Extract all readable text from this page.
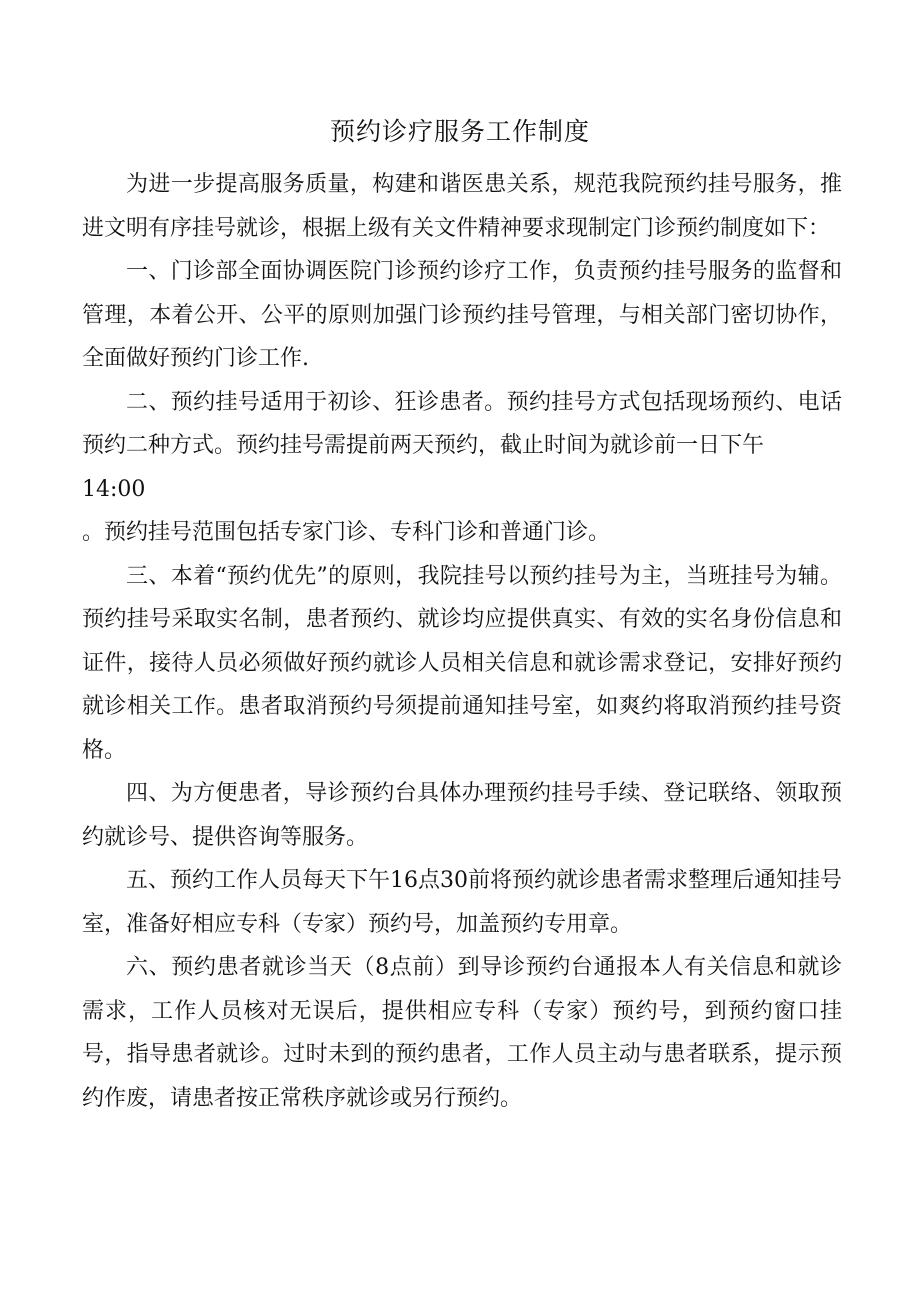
预约诊疗服务工作制度

为进一步提高服务质量，构建和谐医患关系，规范我院预约挂号服务，推进文明有序挂号就诊，根据上级有关文件精神要求现制定门诊预约制度如下：

一、门诊部全面协调医院门诊预约诊疗工作，负责预约挂号服务的监督和管理，本着公开、公平的原则加强门诊预约挂号管理，与相关部门密切协作，全面做好预约门诊工作.

二、预约挂号适用于初诊、狂诊患者。预约挂号方式包括现场预约、电话预约二种方式。预约挂号需提前两天预约，截止时间为就诊前一日下午

14:00

。预约挂号范围包括专家门诊、专科门诊和普通门诊。

三、本着“预约优先”的原则，我院挂号以预约挂号为主，当班挂号为辅。预约挂号采取实名制，患者预约、就诊均应提供真实、有效的实名身份信息和证件，接待人员必须做好预约就诊人员相关信息和就诊需求登记，安排好预约就诊相关工作。患者取消预约号须提前通知挂号室，如爽约将取消预约挂号资格。

四、为方便患者，导诊预约台具体办理预约挂号手续、登记联络、领取预约就诊号、提供咨询等服务。

五、预约工作人员每天下午16点30前将预约就诊患者需求整理后通知挂号室，准备好相应专科（专家）预约号，加盖预约专用章。

六、预约患者就诊当天（8点前）到导诊预约台通报本人有关信息和就诊需求，工作人员核对无误后，提供相应专科（专家）预约号，到预约窗口挂号，指导患者就诊。过时未到的预约患者，工作人员主动与患者联系，提示预约作废，请患者按正常秩序就诊或另行预约。
